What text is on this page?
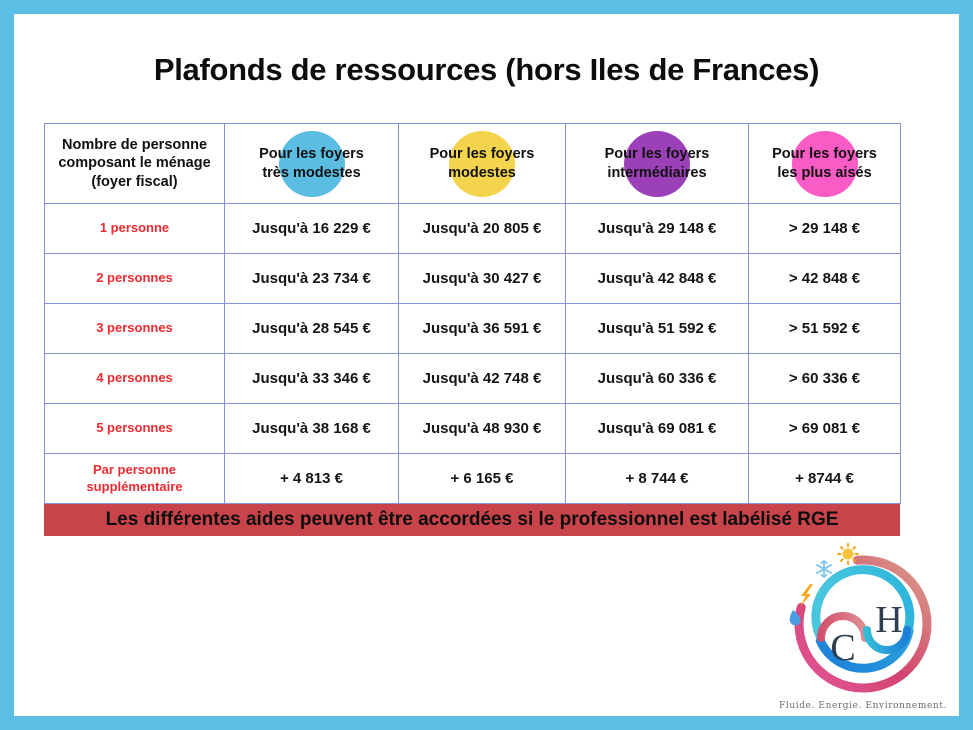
Plafonds de ressources (hors Iles de Frances)
Nombre de personne composant le ménage (foyer fiscal)	Pour les foyers très modestes	Pour les foyers modestes	Pour les foyers intermédiaires	Pour les foyers les plus aisés

1 personne	Jusqu'à 16 229 €	Jusqu'à 20 805 €	Jusqu'à 29 148 €	> 29 148 €
2 personnes	Jusqu'à 23 734 €	Jusqu'à 30 427 €	Jusqu'à 42 848 €	> 42 848 €
3 personnes	Jusqu'à 28 545 €	Jusqu'à 36 591 €	Jusqu'à 51 592 €	> 51 592 €
4 personnes	Jusqu'à 33 346 €	Jusqu'à 42 748 €	Jusqu'à 60 336 €	> 60 336 €
5 personnes	Jusqu'à 38 168 €	Jusqu'à 48 930 €	Jusqu'à 69 081 €	> 69 081 €
Par personne supplémentaire	+ 4 813 €	+ 6 165 €	+ 8 744 €	+ 8744 €
Les différentes aides peuvent être accordées si le professionnel est labélisé RGE
C
H
Fluide. Energie. Environnement.
